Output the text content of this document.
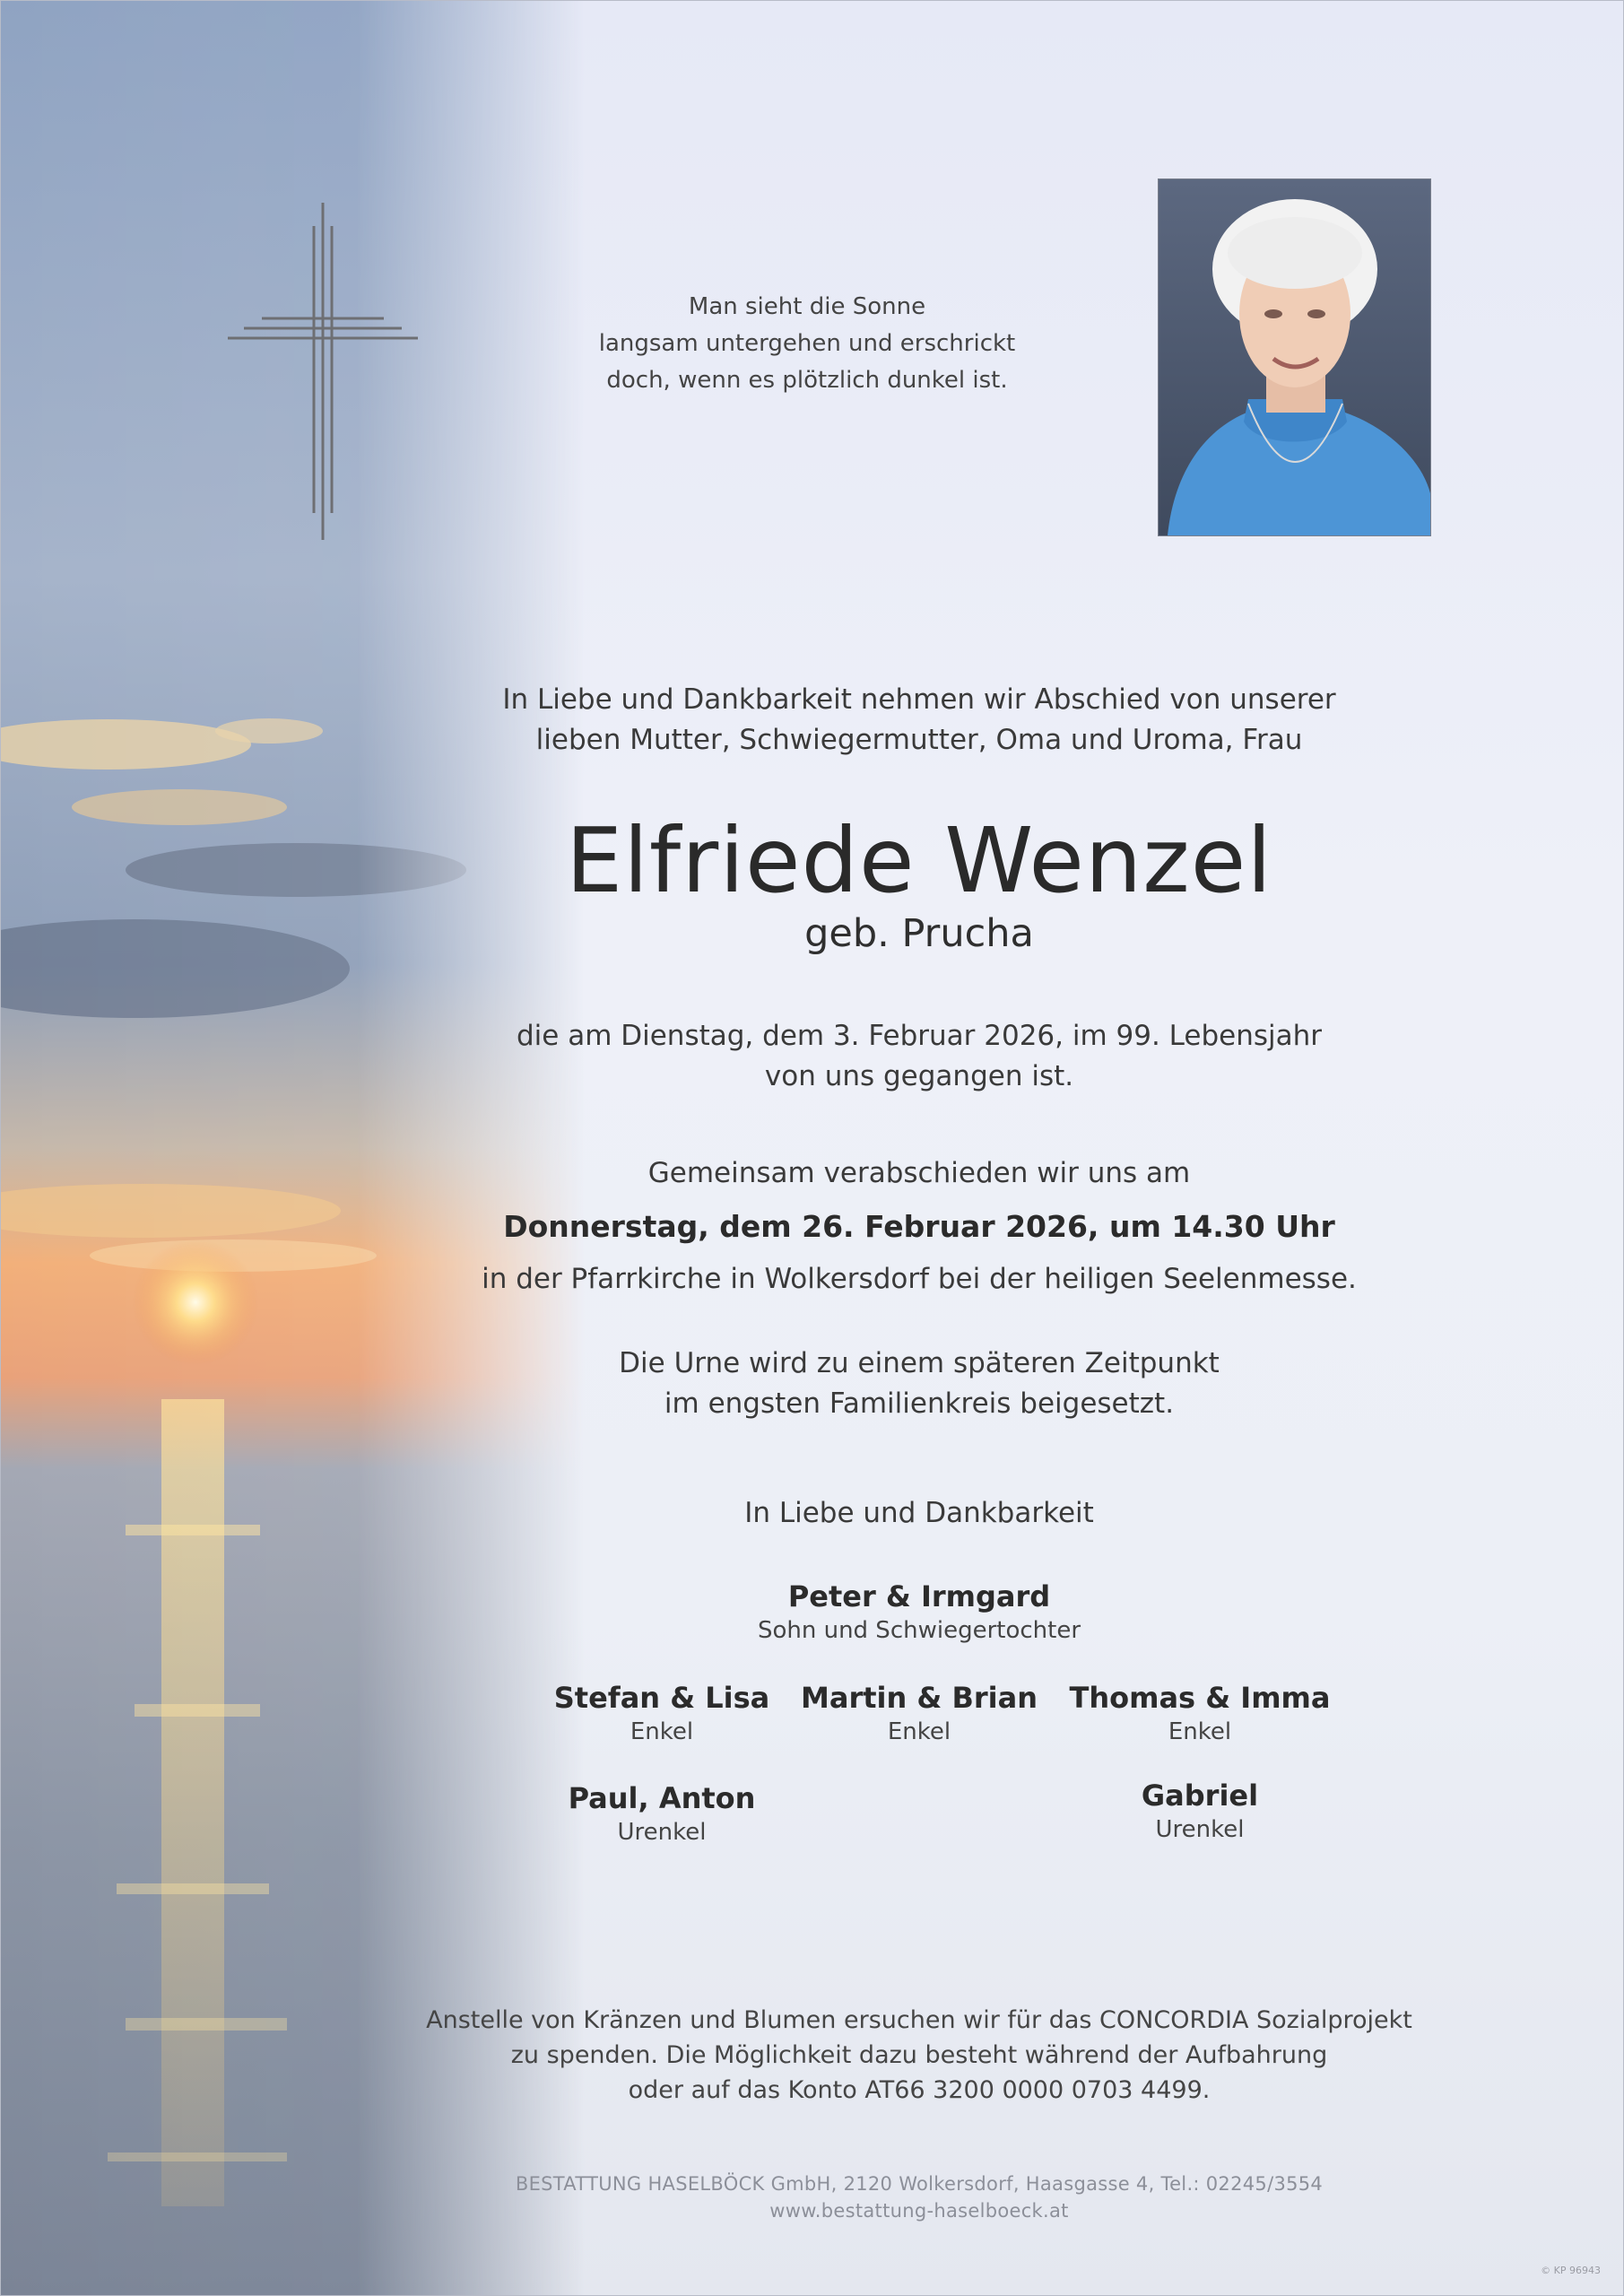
Man sieht die Sonne
langsam untergehen und erschrickt
doch, wenn es plötzlich dunkel ist.
In Liebe und Dankbarkeit nehmen wir Abschied von unserer
lieben Mutter, Schwiegermutter, Oma und Uroma, Frau
Elfriede Wenzel
geb. Prucha
die am Dienstag, dem 3. Februar 2026, im 99. Lebensjahr
von uns gegangen ist.
Gemeinsam verabschieden wir uns am
Donnerstag, dem 26. Februar 2026, um 14.30 Uhr
in der Pfarrkirche in Wolkersdorf bei der heiligen Seelenmesse.
Die Urne wird zu einem späteren Zeitpunkt
im engsten Familienkreis beigesetzt.
In Liebe und Dankbarkeit
Peter & Irmgard
Sohn und Schwiegertochter
Stefan & Lisa
Enkel
Martin & Brian
Enkel
Thomas & Imma
Enkel
Paul, Anton
Urenkel
Gabriel
Urenkel
Anstelle von Kränzen und Blumen ersuchen wir für das CONCORDIA Sozialprojekt
zu spenden. Die Möglichkeit dazu besteht während der Aufbahrung
oder auf das Konto AT66 3200 0000 0703 4499.
BESTATTUNG HASELBÖCK GmbH, 2120 Wolkersdorf, Haasgasse 4, Tel.: 02245/3554
www.bestattung-haselboeck.at
© KP 96943
